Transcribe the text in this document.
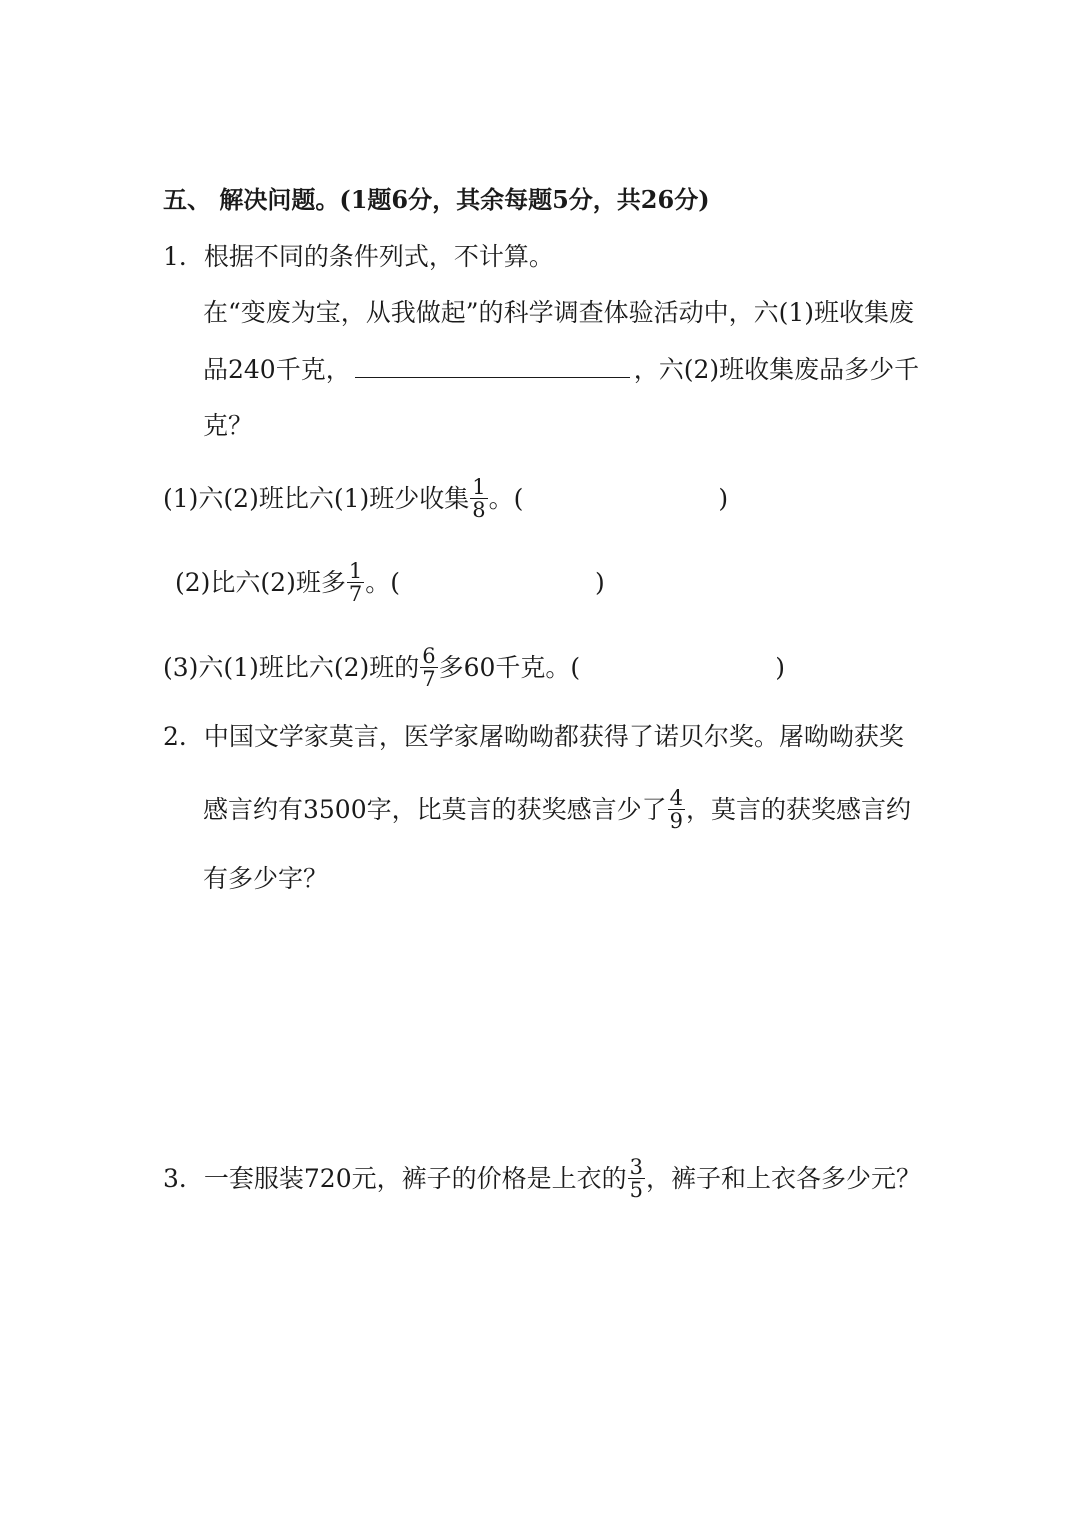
五、 解决问题。(1题6分，其余每题5分，共26分)
1．根据不同的条件列式，不计算。
在“变废为宝，从我做起”的科学调查体验活动中，六(1)班收集废
品240千克，	，六(2)班收集废品多少千
克？
(1)六(2)班比六(1)班少收集 $\frac{1}{8}$ 。(	)
(2)比六(2)班多 $\frac{1}{7}$ 。(	)
(3)六(1)班比六(2)班的 $\frac{6}{7}$ 多60千克。(	)
2．中国文学家莫言，医学家屠呦呦都获得了诺贝尔奖。屠呦呦获奖
感言约有3500字，比莫言的获奖感言少了 $\frac{4}{9}$ ，莫言的获奖感言约
有多少字？
3．一套服装720元，裤子的价格是上衣的 $\frac{3}{5}$ ，裤子和上衣各多少元？
